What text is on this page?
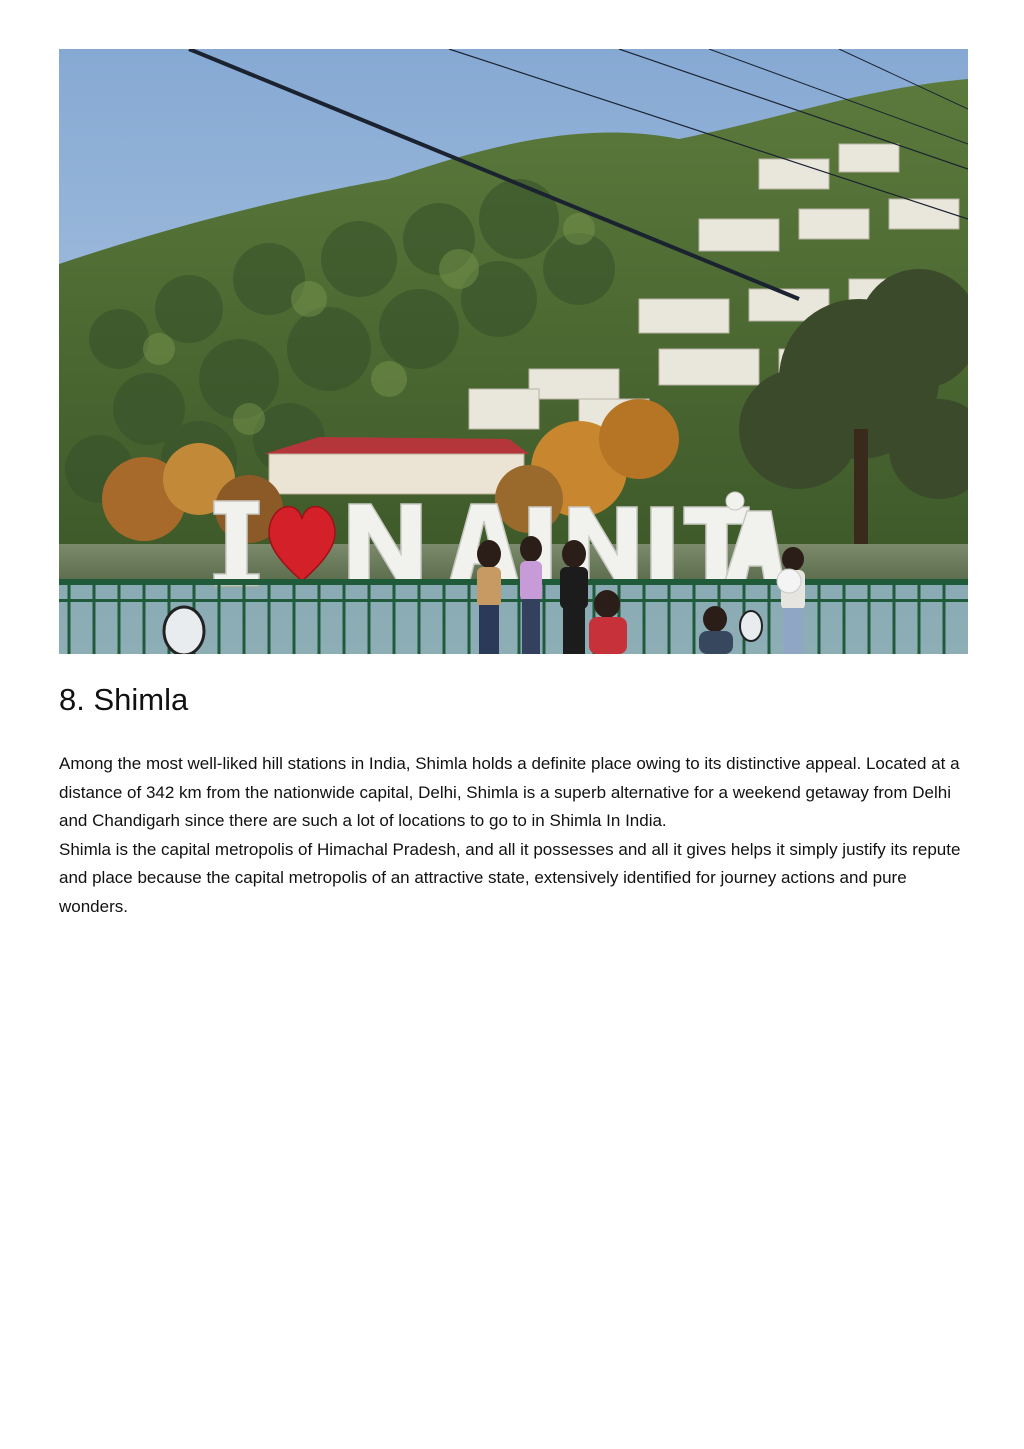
8. Shimla

Among the most well-liked hill stations in India, Shimla holds a definite place owing to its distinctive appeal. Located at a distance of 342 km from the nationwide capital, Delhi, Shimla is a superb alternative for a weekend getaway from Delhi and Chandigarh since there are such a lot of locations to go to in Shimla In India.

Shimla is the capital metropolis of Himachal Pradesh, and all it possesses and all it gives helps it simply justify its repute and place because the capital metropolis of an attractive state, extensively identified for journey actions and pure wonders.
